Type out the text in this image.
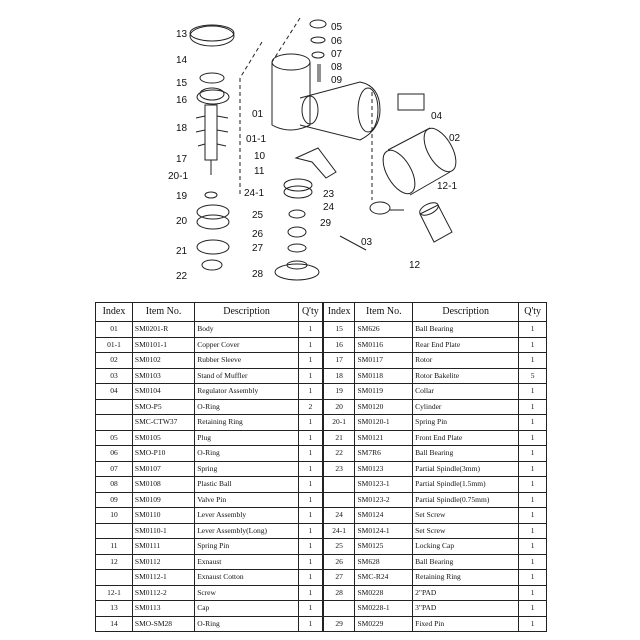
13
14
15
16
18
17
20-1
19
20
21
22
05
06
07
08
09
01
01-1
10
11
24-1	23
24
25
29
26
27
28
04
02
12-1
03
12
Index	Item No.	Description	Q'ty	Index	Item No.	Description	Q'ty
01	SM0201-R	Body	1	15	SM626	Ball Bearing	1
01-1	SM0101-1	Copper Cover	1	16	SM0116	Rear End Plate	1
02	SM0102	Rubber Sleeve	1	17	SM0117	Rotor	1
03	SM0103	Stand of Muffler	1	18	SM0118	Rotor Bakelite	5
04	SM0104	Regulator Assembly	1	19	SM0119	Collar	1
	SMO-P5	O-Ring	2	20	SM0120	Cylinder	1
	SMC-CTW37	Retaining Ring	1	20-1	SM0120-1	Spring Pin	1
05	SM0105	Plug	1	21	SM0121	Front End Plate	1
06	SMO-P10	O-Ring	1	22	SM7R6	Ball Bearing	1
07	SM0107	Spring	1	23	SM0123	Partial Spindle(3mm)	1
08	SM0108	Plastic Ball	1		SM0123-1	Partial Spindle(1.5mm)	1
09	SM0109	Valve Pin	1		SM0123-2	Partial Spindle(0.75mm)	1
10	SM0110	Lever Assembly	1	24	SM0124	Set Screw	1
	SM0110-1	Lever Assembly(Long)	1	24-1	SM0124-1	Set Screw	1
11	SM0111	Spring Pin	1	25	SM0125	Locking Cap	1
12	SM0112	Exnaust	1	26	SM628	Ball Bearing	1
	SM0112-1	Exnaust Cotton	1	27	SMC-R24	Retaining Ring	1
12-1	SM0112-2	Screw	1	28	SM0228	2"PAD	1
13	SM0113	Cap	1		SM0228-1	3"PAD	1
14	SMO-SM28	O-Ring	1	29	SM0229	Fixed Pin	1
